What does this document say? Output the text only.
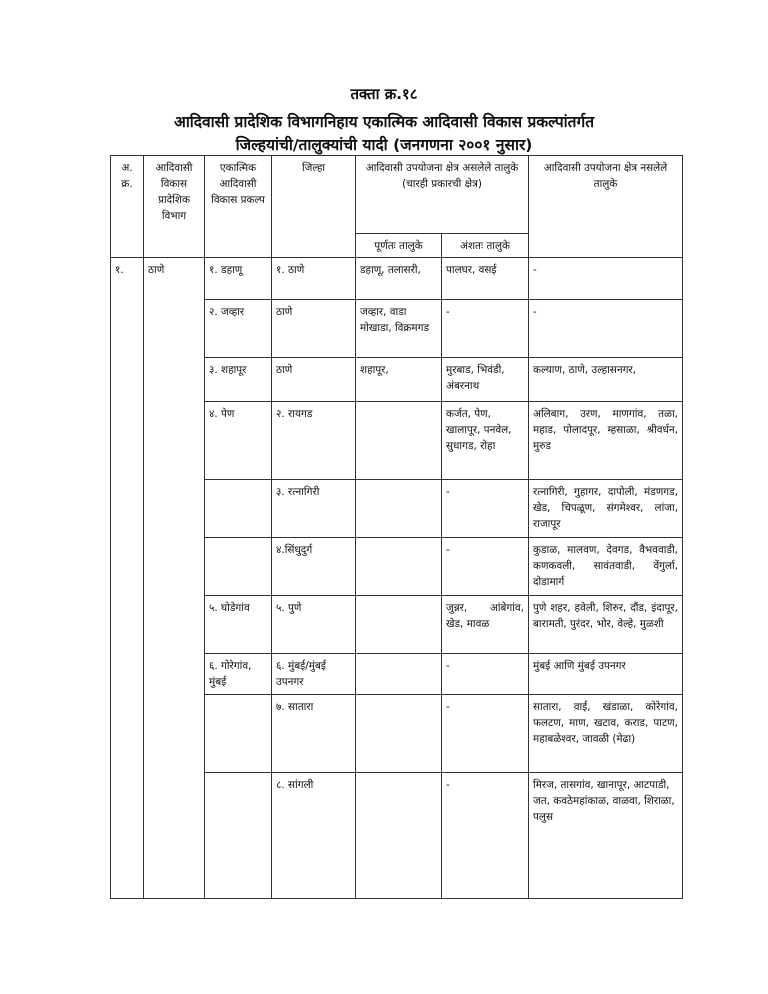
तक्ता क्र.१८
आदिवासी प्रादेशिक विभागनिहाय एकात्मिक आदिवासी विकास प्रकल्पांतर्गत
जिल्हयांची/तालुक्यांची यादी (जनगणना २००१ नुसार)
अ. क्र.	आदिवासी विकास प्रादेशिक विभाग	एकात्मिक आदिवासी विकास प्रकल्प	जिल्हा	आदिवासी उपयोजना क्षेत्र असलेले तालुके (चारही प्रकारची क्षेत्र)		आदिवासी उपयोजना क्षेत्र नसलेले तालुके
				पूर्णतः तालुके	अंशतः तालुके	
१.	ठाणे	१. डहाणू	१. ठाणे	डहाणू, तलासरी,	पालघर, वसई	-
		२. जव्हार	ठाणे	जव्हार, वाडा मोखाडा, विक्रमगड	-	-
		३. शहापूर	ठाणे	शहापूर,	मुरबाड, भिवंडी, अंबरनाथ	कल्याण, ठाणे, उल्हासनगर,
		४. पेण	२. रायगड		कर्जत, पेण, खालापूर, पनवेल, सुधागड, रोहा	अलिबाग, उरण, माणगांव, तळा, महाड, पोलादपूर, म्हसाळा, श्रीवर्धन, मुरुड
			३. रत्नागिरी		-	रत्नागिरी, गुहागर, दापोली, मंडणगड, खेड, चिपळूण, संगमेश्वर, लांजा, राजापूर
			४.सिंधुदुर्ग		-	कुडाळ, मालवण, देवगड, वैभववाडी, कणकवली, सावंतवाडी, वेंगुर्ला, दोडामार्ग
		५. घोडेगांव	५. पुणे		जुन्नर, आंबेगांव, खेड, मावळ	पुणे शहर, हवेली, शिरुर, दौंड, इंदापूर, बारामती, पुरंदर, भोर, वेल्हे, मुळशी
		६. गोरेगांव, मुंबई	६. मुंबई/मुंबई उपनगर		-	मुंबई आणि मुंबई उपनगर
			७. सातारा		-	सातारा, वाई, खंडाळा, कोरेगांव, फलटण, माण, खटाव, कराड, पाटण, महाबळेश्वर, जावळी (मेढा)
			८. सांगली		-	मिरज, तासगांव, खानापूर, आटपाडी, जत, कवठेमहांकाळ, वाळवा, शिराळा, पलुस
